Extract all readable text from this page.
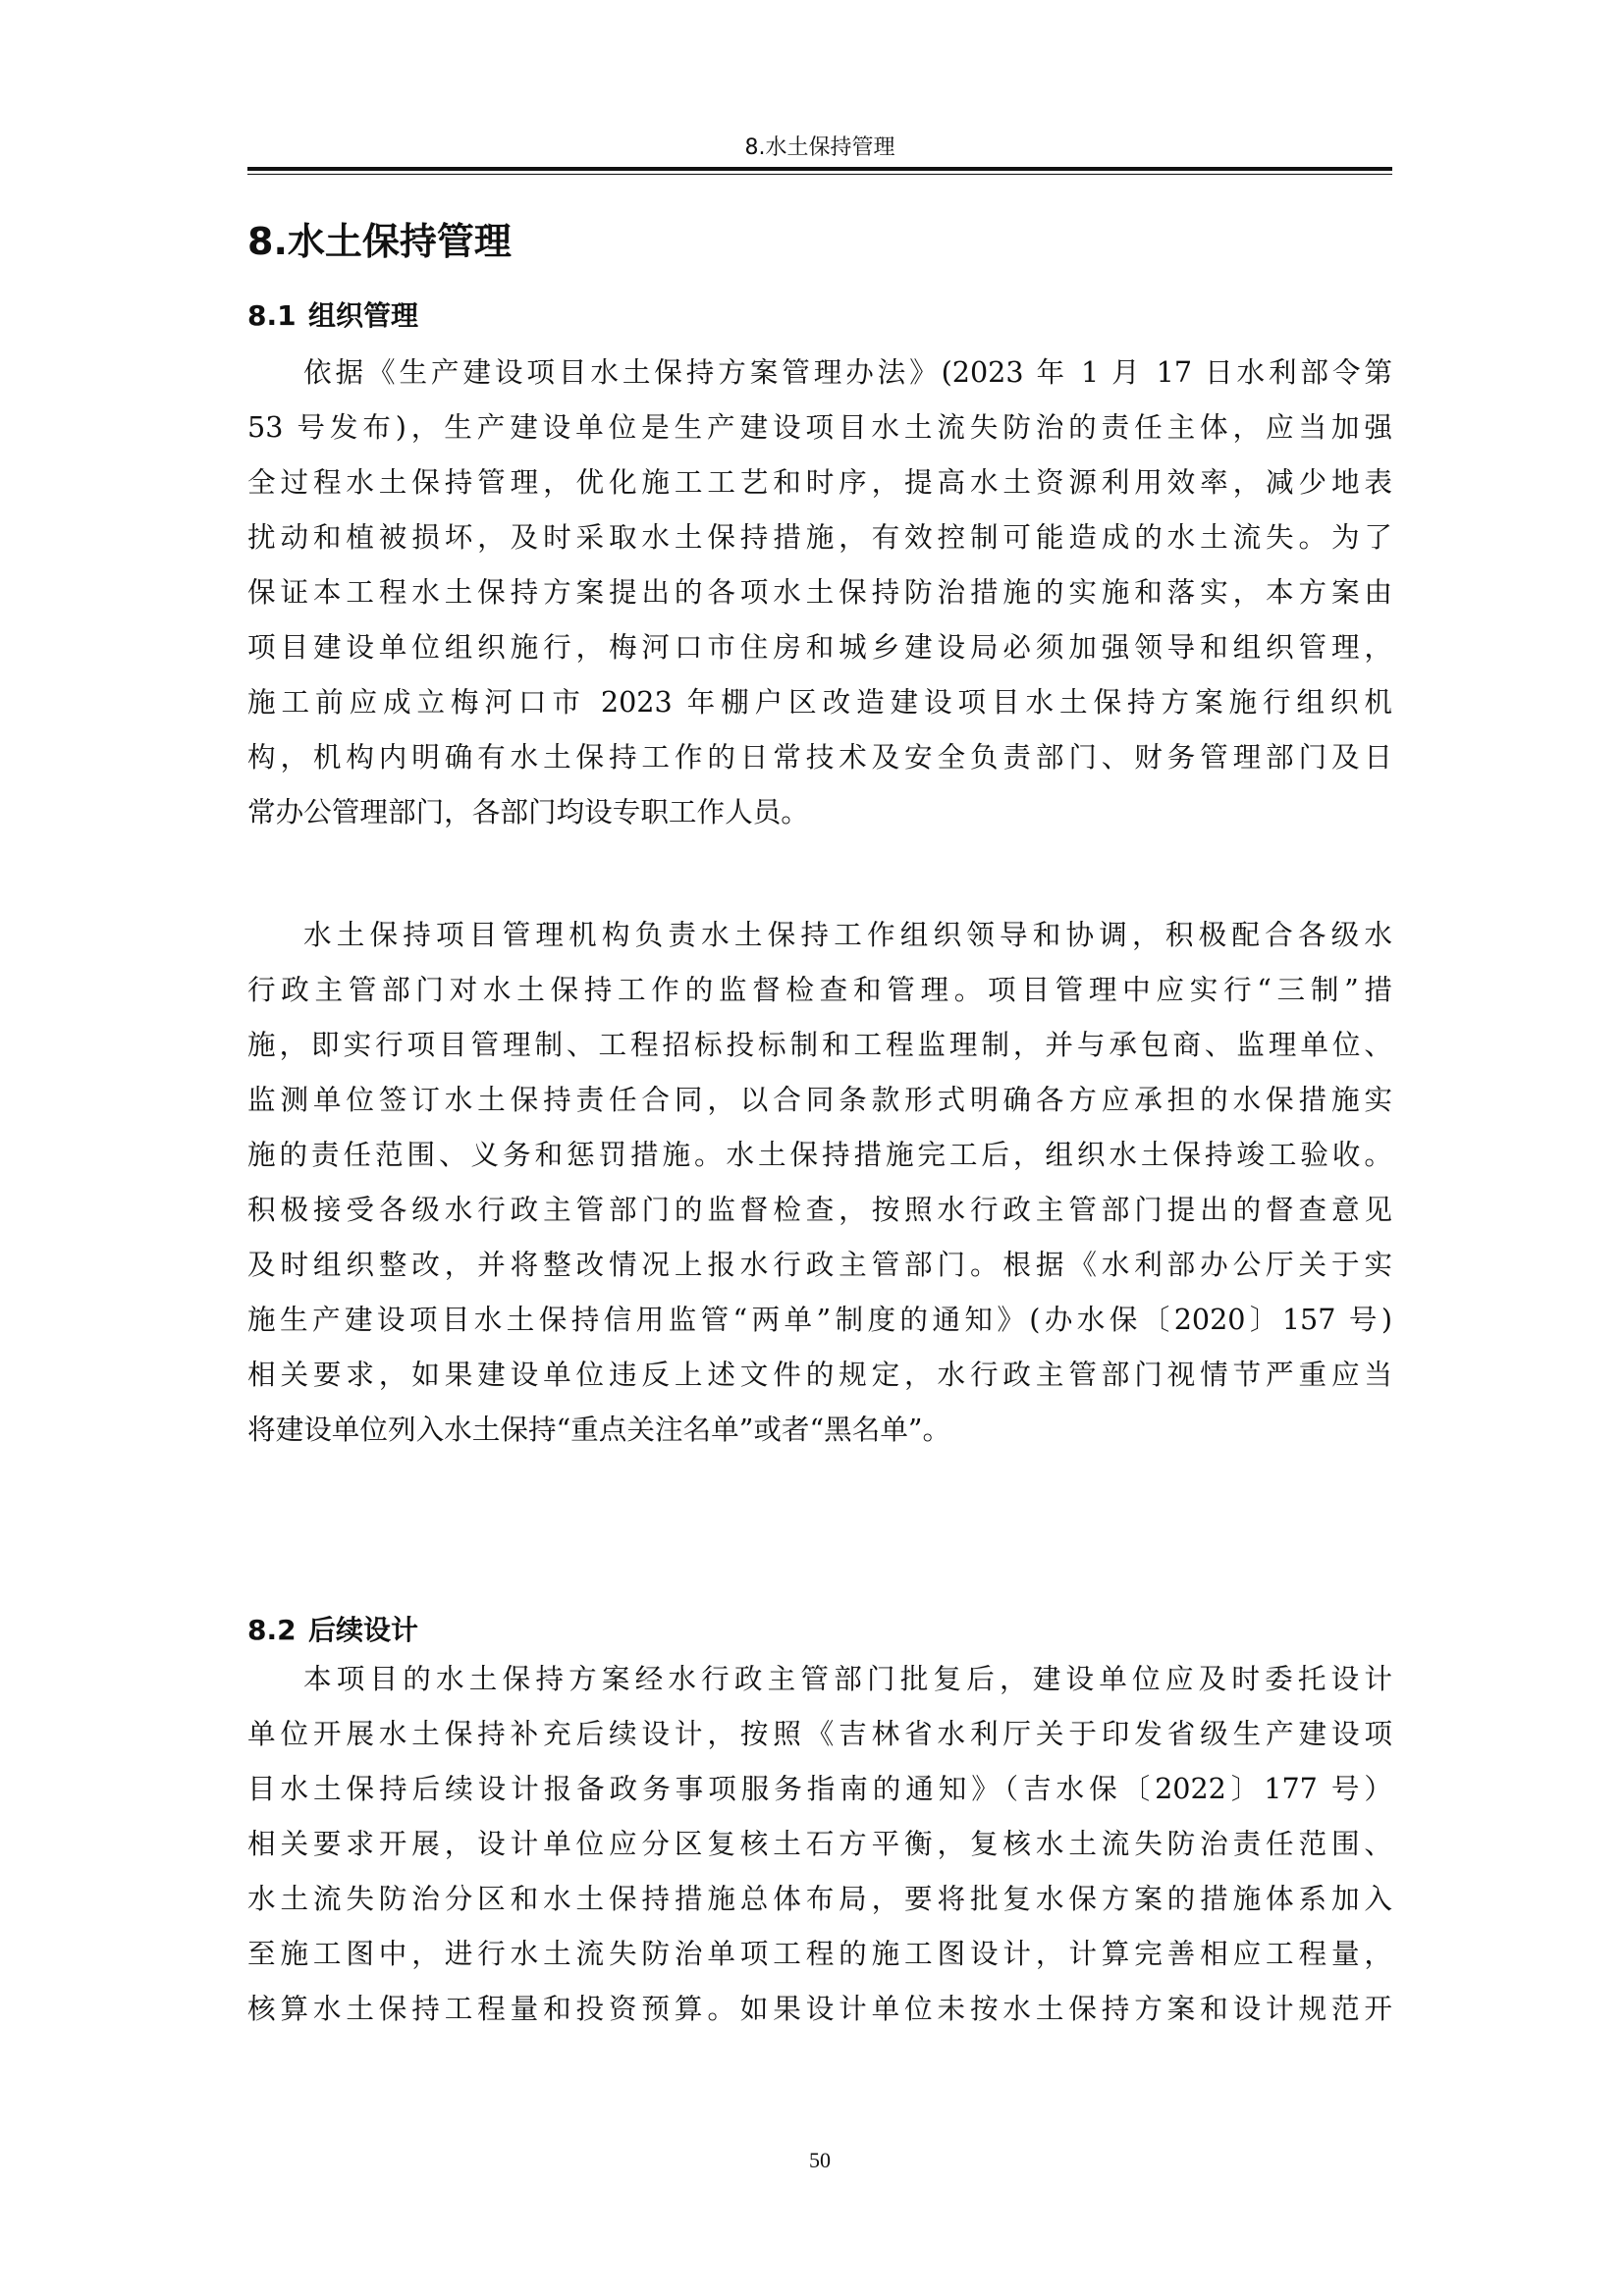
8.水土保持管理
8.水土保持管理
8.1 组织管理
依据《生产建设项目水土保持方案管理办法》(2023 年 1 月 17 日水利部令第
53 号发布)，生产建设单位是生产建设项目水土流失防治的责任主体，应当加强
全过程水土保持管理，优化施工工艺和时序，提高水土资源利用效率，减少地表
扰动和植被损坏，及时采取水土保持措施，有效控制可能造成的水土流失。为了
保证本工程水土保持方案提出的各项水土保持防治措施的实施和落实，本方案由
项目建设单位组织施行，梅河口市住房和城乡建设局必须加强领导和组织管理，
施工前应成立梅河口市 2023 年棚户区改造建设项目水土保持方案施行组织机
构，机构内明确有水土保持工作的日常技术及安全负责部门、财务管理部门及日
常办公管理部门，各部门均设专职工作人员。
水土保持项目管理机构负责水土保持工作组织领导和协调，积极配合各级水
行政主管部门对水土保持工作的监督检查和管理。项目管理中应实行“三制”措
施，即实行项目管理制、工程招标投标制和工程监理制，并与承包商、监理单位、
监测单位签订水土保持责任合同，以合同条款形式明确各方应承担的水保措施实
施的责任范围、义务和惩罚措施。水土保持措施完工后，组织水土保持竣工验收。
积极接受各级水行政主管部门的监督检查，按照水行政主管部门提出的督查意见
及时组织整改，并将整改情况上报水行政主管部门。根据《水利部办公厅关于实
施生产建设项目水土保持信用监管“两单”制度的通知》(办水保〔2020〕157 号)
相关要求，如果建设单位违反上述文件的规定，水行政主管部门视情节严重应当
将建设单位列入水土保持“重点关注名单”或者“黑名单”。
8.2 后续设计
本项目的水土保持方案经水行政主管部门批复后，建设单位应及时委托设计
单位开展水土保持补充后续设计，按照《吉林省水利厅关于印发省级生产建设项
目水土保持后续设计报备政务事项服务指南的通知》（吉水保〔2022〕177 号）
相关要求开展，设计单位应分区复核土石方平衡，复核水土流失防治责任范围、
水土流失防治分区和水土保持措施总体布局，要将批复水保方案的措施体系加入
至施工图中，进行水土流失防治单项工程的施工图设计，计算完善相应工程量，
核算水土保持工程量和投资预算。如果设计单位未按水土保持方案和设计规范开
50
